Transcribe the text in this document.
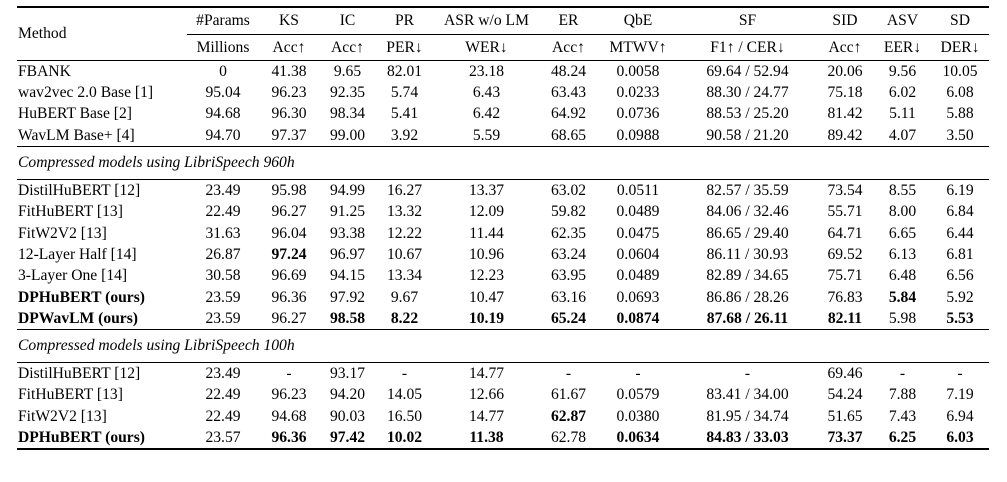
Method	#Params	KS	IC	PR	ASR w/o LM	ER	QbE	SF	SID	ASV	SD
	Millions	Acc↑	Acc↑	PER↓	WER↓	Acc↑	MTWV↑	F1↑ / CER↓	Acc↑	EER↓	DER↓
FBANK	0	41.38	9.65	82.01	23.18	48.24	0.0058	69.64 / 52.94	20.06	9.56	10.05
wav2vec 2.0 Base [1]	95.04	96.23	92.35	5.74	6.43	63.43	0.0233	88.30 / 24.77	75.18	6.02	6.08
HuBERT Base [2]	94.68	96.30	98.34	5.41	6.42	64.92	0.0736	88.53 / 25.20	81.42	5.11	5.88
WavLM Base+ [4]	94.70	97.37	99.00	3.92	5.59	68.65	0.0988	90.58 / 21.20	89.42	4.07	3.50
Compressed models using LibriSpeech 960h											
DistilHuBERT [12]	23.49	95.98	94.99	16.27	13.37	63.02	0.0511	82.57 / 35.59	73.54	8.55	6.19
FitHuBERT [13]	22.49	96.27	91.25	13.32	12.09	59.82	0.0489	84.06 / 32.46	55.71	8.00	6.84
FitW2V2 [13]	31.63	96.04	93.38	12.22	11.44	62.35	0.0475	86.65 / 29.40	64.71	6.65	6.44
12-Layer Half [14]	26.87	97.24	96.97	10.67	10.96	63.24	0.0604	86.11 / 30.93	69.52	6.13	6.81
3-Layer One [14]	30.58	96.69	94.15	13.34	12.23	63.95	0.0489	82.89 / 34.65	75.71	6.48	6.56
DPHuBERT (ours)	23.59	96.36	97.92	9.67	10.47	63.16	0.0693	86.86 / 28.26	76.83	5.84	5.92
DPWavLM (ours)	23.59	96.27	98.58	8.22	10.19	65.24	0.0874	87.68 / 26.11	82.11	5.98	5.53
Compressed models using LibriSpeech 100h											
DistilHuBERT [12]	23.49	-	93.17	-	14.77	-	-	-	69.46	-	-
FitHuBERT [13]	22.49	96.23	94.20	14.05	12.66	61.67	0.0579	83.41 / 34.00	54.24	7.88	7.19
FitW2V2 [13]	22.49	94.68	90.03	16.50	14.77	62.87	0.0380	81.95 / 34.74	51.65	7.43	6.94
DPHuBERT (ours)	23.57	96.36	97.42	10.02	11.38	62.78	0.0634	84.83 / 33.03	73.37	6.25	6.03
